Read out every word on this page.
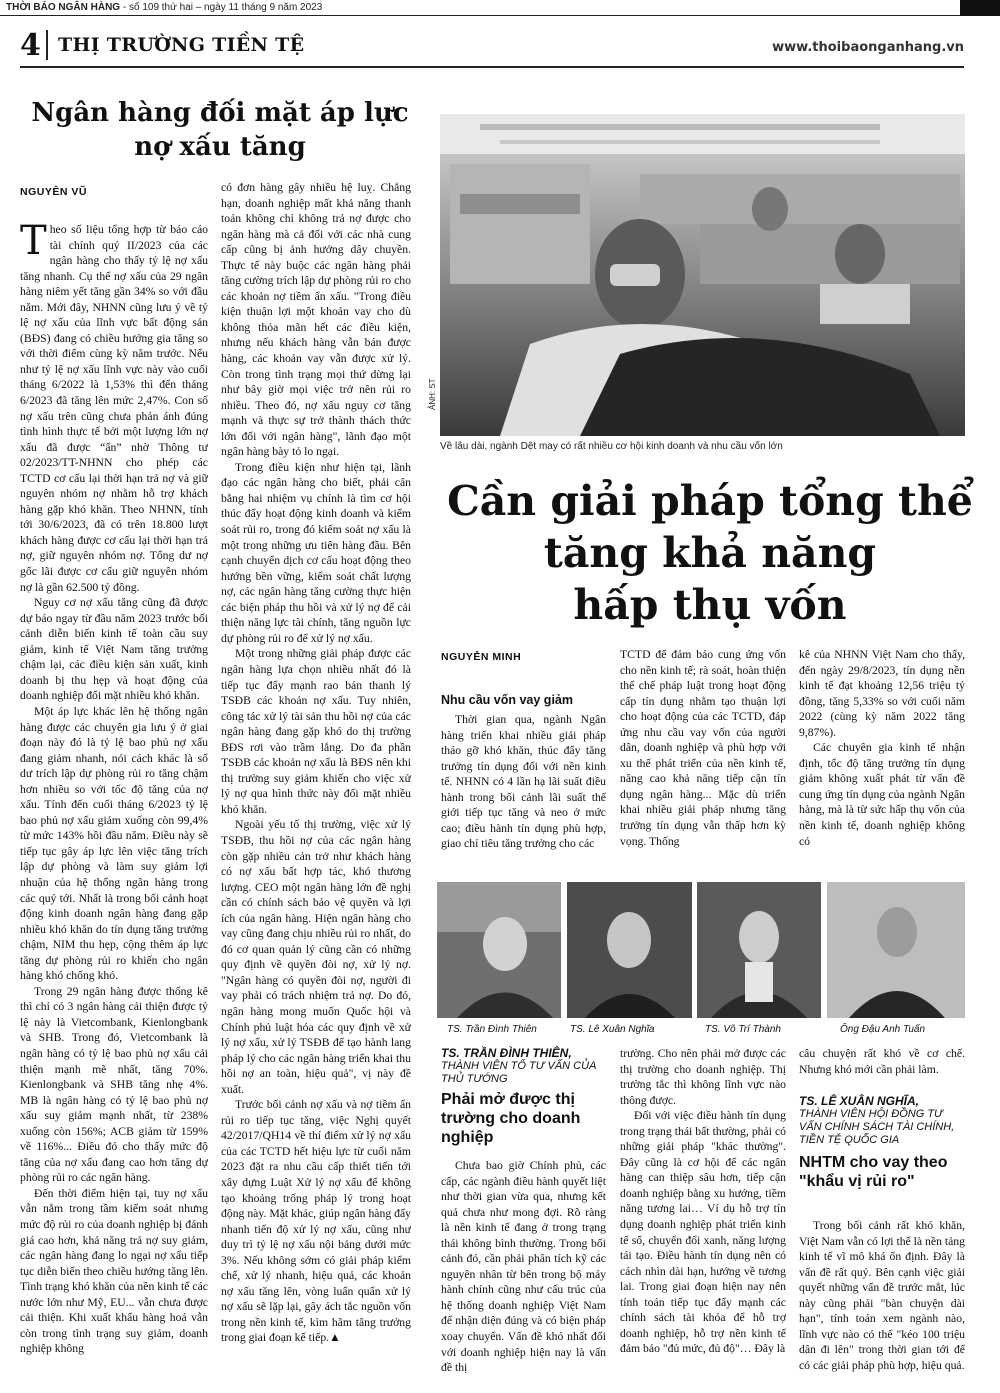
THỜI BÁO NGÂN HÀNG - số 109 thứ hai – ngày 11 tháng 9 năm 2023
4 THỊ TRƯỜNG TIỀN TỆ	www.thoibaonganhang.vn
Ngân hàng đối mặt áp lực nợ xấu tăng
NGUYÊN VŨ

Theo số liệu tổng hợp từ báo cáo tài chính quý II/2023 của các ngân hàng cho thấy tỷ lệ nợ xấu tăng nhanh. Cụ thể nợ xấu của 29 ngân hàng niêm yết tăng gần 34% so với đầu năm. Mới đây, NHNN cũng lưu ý về tỷ lệ nợ xấu của lĩnh vực bất động sản (BĐS) đang có chiều hướng gia tăng so với thời điểm cùng kỳ năm trước. Nếu như tỷ lệ nợ xấu lĩnh vực này vào cuối tháng 6/2022 là 1,53% thì đến tháng 6/2023 đã tăng lên mức 2,47%. Con số nợ xấu trên cũng chưa phản ánh đúng tình hình thực tế bởi một lượng lớn nợ xấu đã được “ẩn” nhờ Thông tư 02/2023/TT-NHNN cho phép các TCTD cơ cấu lại thời hạn trả nợ và giữ nguyên nhóm nợ nhằm hỗ trợ khách hàng gặp khó khăn. Theo NHNN, tính tới 30/6/2023, đã có trên 18.800 lượt khách hàng được cơ cấu lại thời hạn trả nợ, giữ nguyên nhóm nợ. Tổng dư nợ gốc lãi được cơ cấu giữ nguyên nhóm nợ là gần 62.500 tỷ đồng.

Nguy cơ nợ xấu tăng cũng đã được dự báo ngay từ đầu năm 2023 trước bối cảnh diễn biến kinh tế toàn cầu suy giảm, kinh tế Việt Nam tăng trưởng chậm lại, các điều kiện sản xuất, kinh doanh bị thu hẹp và hoạt động của doanh nghiệp đối mặt nhiều khó khăn.

Một áp lực khác lên hệ thống ngân hàng được các chuyên gia lưu ý ở giai đoạn này đó là tỷ lệ bao phủ nợ xấu đang giảm nhanh, nói cách khác là số dư trích lập dự phòng rủi ro tăng chậm hơn nhiều so với tốc độ tăng của nợ xấu. Tính đến cuối tháng 6/2023 tỷ lệ bao phủ nợ xấu giảm xuống còn 99,4% từ mức 143% hồi đầu năm. Điều này sẽ tiếp tục gây áp lực lên việc tăng trích lập dự phòng và làm suy giảm lợi nhuận của hệ thống ngân hàng trong các quý tới. Nhất là trong bối cảnh hoạt động kinh doanh ngân hàng đang gặp nhiều khó khăn do tín dụng tăng trưởng chậm, NIM thu hẹp, cộng thêm áp lực tăng dự phòng rủi ro khiến cho ngân hàng khó chống khó.

Trong 29 ngân hàng được thống kê thì chỉ có 3 ngân hàng cải thiện được tỷ lệ này là Vietcombank, Kienlongbank và SHB. Trong đó, Vietcombank là ngân hàng có tỷ lệ bao phủ nợ xấu cải thiện mạnh mẽ nhất, tăng 70%. Kienlongbank và SHB tăng nhẹ 4%. MB là ngân hàng có tỷ lệ bao phủ nợ xấu suy giảm mạnh nhất, từ 238% xuống còn 156%; ACB giảm từ 159% về 116%... Điều đó cho thấy mức độ tăng của nợ xấu đang cao hơn tăng dự phòng rủi ro các ngân hàng.

Đến thời điểm hiện tại, tuy nợ xấu vẫn nằm trong tầm kiểm soát nhưng mức độ rủi ro của doanh nghiệp bị đánh giá cao hơn, khả năng trả nợ suy giảm, các ngân hàng đang lo ngại nợ xấu tiếp tục diễn biến theo chiều hướng tăng lên. Tình trạng khó khăn của nền kinh tế các nước lớn như Mỹ, EU... vẫn chưa được cải thiện. Khi xuất khẩu hàng hoá vẫn còn trong tình trạng suy giảm, doanh nghiệp không

có đơn hàng gây nhiều hệ luỵ. Chẳng hạn, doanh nghiệp mất khả năng thanh toán không chỉ không trả nợ được cho ngân hàng mà cả đối với các nhà cung cấp cũng bị ảnh hưởng dây chuyền. Thực tế này buộc các ngân hàng phải tăng cường trích lập dự phòng rủi ro cho các khoản nợ tiềm ẩn xấu. "Trong điều kiện thuận lợi một khoản vay cho dù không thỏa mãn hết các điều kiện, nhưng nếu khách hàng vẫn bán được hàng, các khoản vay vẫn được xử lý. Còn trong tình trạng mọi thứ dừng lại như bây giờ mọi việc trở nên rủi ro nhiều. Theo đó, nợ xấu nguy cơ tăng mạnh và thực sự trở thành thách thức lớn đối với ngân hàng", lãnh đạo một ngân hàng bày tỏ lo ngại.

Trong điều kiện như hiện tại, lãnh đạo các ngân hàng cho biết, phải cân bằng hai nhiệm vụ chính là tìm cơ hội thúc đẩy hoạt động kinh doanh và kiểm soát rủi ro, trong đó kiểm soát nợ xấu là một trong những ưu tiên hàng đầu. Bên cạnh chuyển dịch cơ cấu hoạt động theo hướng bền vững, kiểm soát chất lượng nợ, các ngân hàng tăng cường thực hiện các biện pháp thu hồi và xử lý nợ để cải thiện năng lực tài chính, tăng nguồn lực dự phòng rủi ro để xử lý nợ xấu.

Một trong những giải pháp được các ngân hàng lựa chọn nhiều nhất đó là tiếp tục đẩy mạnh rao bán thanh lý TSĐB các khoản nợ xấu. Tuy nhiên, công tác xử lý tài sản thu hồi nợ của các ngân hàng đang gặp khó do thị trường BĐS rơi vào trầm lắng. Do đa phần TSĐB các khoản nợ xấu là BĐS nên khi thị trường suy giảm khiến cho việc xử lý nợ qua hình thức này đối mặt nhiều khó khăn.

Ngoài yếu tố thị trường, việc xử lý TSĐB, thu hồi nợ của các ngân hàng còn gặp nhiều cản trở như khách hàng có nợ xấu bất hợp tác, khó thương lượng. CEO một ngân hàng lớn đề nghị cần có chính sách bảo vệ quyền và lợi ích của ngân hàng. Hiện ngân hàng cho vay cũng đang chịu nhiều rủi ro nhất, do đó cơ quan quản lý cũng cần có những quy định về quyền đòi nợ, xử lý nợ. "Ngân hàng có quyền đòi nợ, người đi vay phải có trách nhiệm trả nợ. Do đó, ngân hàng mong muốn Quốc hội và Chính phủ luật hóa các quy định về xử lý nợ xấu, xử lý TSĐB để tạo hành lang pháp lý cho các ngân hàng triển khai thu hồi nợ an toàn, hiệu quả", vị này đề xuất.

Trước bối cảnh nợ xấu và nợ tiềm ẩn rủi ro tiếp tục tăng, việc Nghị quyết 42/2017/QH14 về thí điểm xử lý nợ xấu của các TCTD hết hiệu lực từ cuối năm 2023 đặt ra nhu cầu cấp thiết tiến tới xây dựng Luật Xử lý nợ xấu để không tạo khoảng trống pháp lý trong hoạt động này. Mặt khác, giúp ngân hàng đẩy nhanh tiến độ xử lý nợ xấu, cũng như duy trì tỷ lệ nợ xấu nội bảng dưới mức 3%. Nếu không sớm có giải pháp kiểm chế, xử lý nhanh, hiệu quả, các khoản nợ xấu tăng lên, vòng luẩn quẩn xử lý nợ xấu sẽ lặp lại, gây ách tắc nguồn vốn trong nền kinh tế, kìm hãm tăng trưởng trong giai đoạn kế tiếp.▲

ẢNH: ST
Về lâu dài, ngành Dệt may có rất nhiều cơ hội kinh doanh và nhu cầu vốn lớn
Cần giải pháp tổng thể
tăng khả năng
hấp thụ vốn
NGUYỄN MINH
Nhu cầu vốn vay giảm

Thời gian qua, ngành Ngân hàng triển khai nhiều giải pháp tháo gỡ khó khăn, thúc đẩy tăng trưởng tín dụng đối với nền kinh tế. NHNN có 4 lần hạ lãi suất điều hành trong bối cảnh lãi suất thế giới tiếp tục tăng và neo ở mức cao; điều hành tín dụng phù hợp, giao chỉ tiêu tăng trưởng cho các

TCTD để đảm bảo cung ứng vốn cho nền kinh tế; rà soát, hoàn thiện thể chế pháp luật trong hoạt động cấp tín dụng nhằm tạo thuận lợi cho hoạt động của các TCTD, đáp ứng nhu cầu vay vốn của người dân, doanh nghiệp và phù hợp với xu thế phát triển của nền kinh tế, nâng cao khả năng tiếp cận tín dụng ngân hàng... Mặc dù triển khai nhiều giải pháp nhưng tăng trưởng tín dụng vẫn thấp hơn kỳ vọng. Thống

kê của NHNN Việt Nam cho thấy, đến ngày 29/8/2023, tín dụng nền kinh tế đạt khoảng 12,56 triệu tỷ đồng, tăng 5,33% so với cuối năm 2022 (cùng kỳ năm 2022 tăng 9,87%).

Các chuyên gia kinh tế nhận định, tốc độ tăng trưởng tín dụng giảm không xuất phát từ vấn đề cung ứng tín dụng của ngành Ngân hàng, mà là từ sức hấp thụ vốn của nền kinh tế, doanh nghiệp không có

TS. Trần Đình Thiên	TS. Lê Xuân Nghĩa	TS. Võ Trí Thành	Ông Đậu Anh Tuấn
TS. TRẦN ĐÌNH THIÊN,
THÀNH VIÊN TỔ TƯ VẤN CỦA THỦ TƯỚNG
Phải mở được thị trường cho doanh nghiệp

Chưa bao giờ Chính phủ, các cấp, các ngành điều hành quyết liệt như thời gian vừa qua, nhưng kết quả chưa như mong đợi. Rõ ràng là nền kinh tế đang ở trong trạng thái không bình thường. Trong bối cảnh đó, cần phải phân tích kỹ các nguyên nhân từ bên trong bộ máy hành chính cũng như cấu trúc của hệ thống doanh nghiệp Việt Nam để nhận diện đúng và có biện pháp xoay chuyển. Vấn đề khó nhất đối với doanh nghiệp hiện nay là vấn đề thị

trường. Cho nên phải mở được các thị trường cho doanh nghiệp. Thị trường tắc thì không lĩnh vực nào thông được.

Đối với việc điều hành tín dụng trong trạng thái bất thường, phải có những giải pháp "khác thường". Đây cũng là cơ hội để các ngân hàng can thiệp sâu hơn, tiếp cận doanh nghiệp bằng xu hướng, tiềm năng tương lai… Ví dụ hỗ trợ tín dụng doanh nghiệp phát triển kinh tế số, chuyển đổi xanh, năng lượng tái tạo. Điều hành tín dụng nên có cách nhìn dài hạn, hướng về tương lai. Trong giai đoạn hiện nay nên tính toán tiếp tục đẩy mạnh các chính sách tài khóa để hỗ trợ doanh nghiệp, hỗ trợ nền kinh tế đảm bảo "đủ mức, đủ độ"… Đây là

câu chuyện rất khó về cơ chế. Nhưng khó mới cần phải làm.

TS. LÊ XUÂN NGHĨA,
THÀNH VIÊN HỘI ĐỒNG TƯ VẤN CHÍNH SÁCH TÀI CHÍNH, TIỀN TỆ QUỐC GIA
NHTM cho vay theo "khẩu vị rủi ro"

Trong bối cảnh rất khó khăn, Việt Nam vẫn có lợi thế là nền tảng kinh tế vĩ mô khá ổn định. Đây là vấn đề rất quý. Bên cạnh việc giải quyết những vấn đề trước mắt, lúc này cũng phải "bàn chuyện dài hạn", tính toán xem ngành nào, lĩnh vực nào có thể "kéo 100 triệu dân đi lên" trong thời gian tới để có các giải pháp phù hợp, hiệu quả.
